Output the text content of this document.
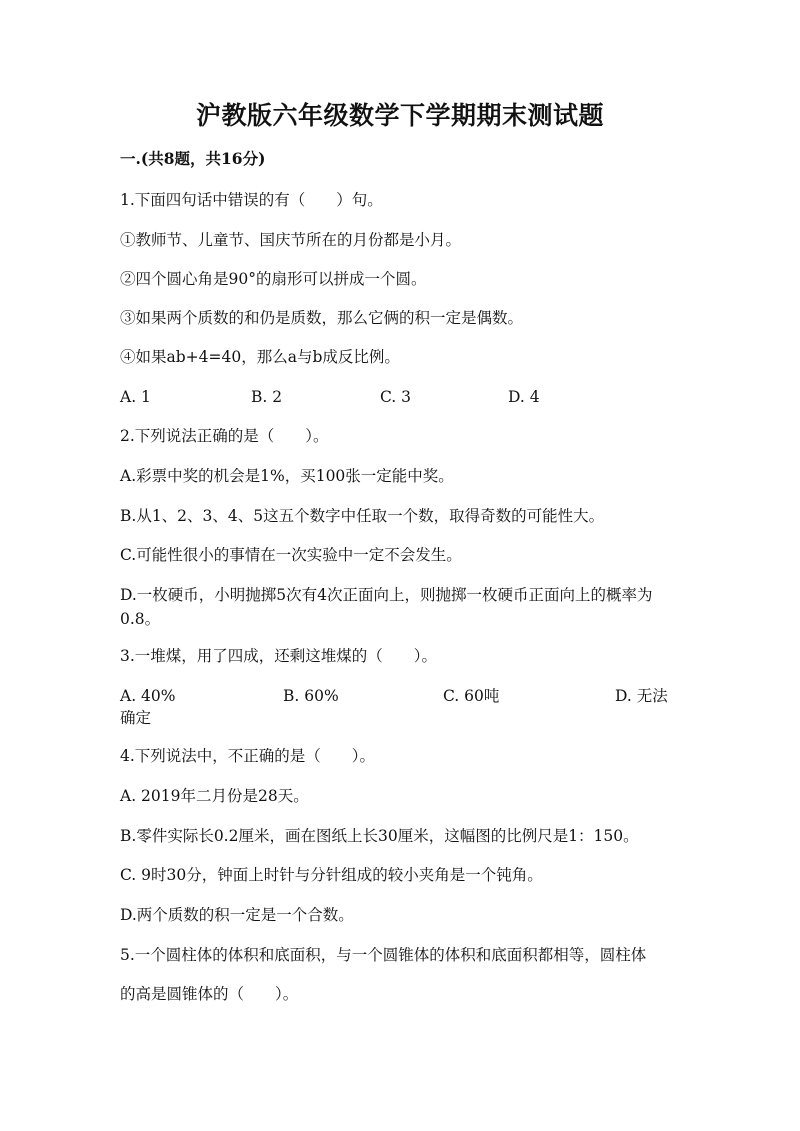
沪教版六年级数学下学期期末测试题
一.(共8题，共16分)
1.下面四句话中错误的有（　　）句。
①教师节、儿童节、国庆节所在的月份都是小月。
②四个圆心角是90°的扇形可以拼成一个圆。
③如果两个质数的和仍是质数，那么它俩的积一定是偶数。
④如果ab+4=40，那么a与b成反比例。
A. 1	B. 2	C. 3	D. 4
2.下列说法正确的是（　　）。
A.彩票中奖的机会是1%，买100张一定能中奖。
B.从1、2、3、4、5这五个数字中任取一个数，取得奇数的可能性大。
C.可能性很小的事情在一次实验中一定不会发生。
D.一枚硬币，小明抛掷5次有4次正面向上，则抛掷一枚硬币正面向上的概率为0.8。
3.一堆煤，用了四成，还剩这堆煤的（　　）。
A. 40%	B. 60%	C. 60吨	D. 无法
确定
4.下列说法中，不正确的是（　　）。
A. 2019年二月份是28天。
B.零件实际长0.2厘米，画在图纸上长30厘米，这幅图的比例尺是1：150。
C. 9时30分，钟面上时针与分针组成的较小夹角是一个钝角。
D.两个质数的积一定是一个合数。
5.一个圆柱体的体积和底面积，与一个圆锥体的体积和底面积都相等，圆柱体
的高是圆锥体的（　　）。
